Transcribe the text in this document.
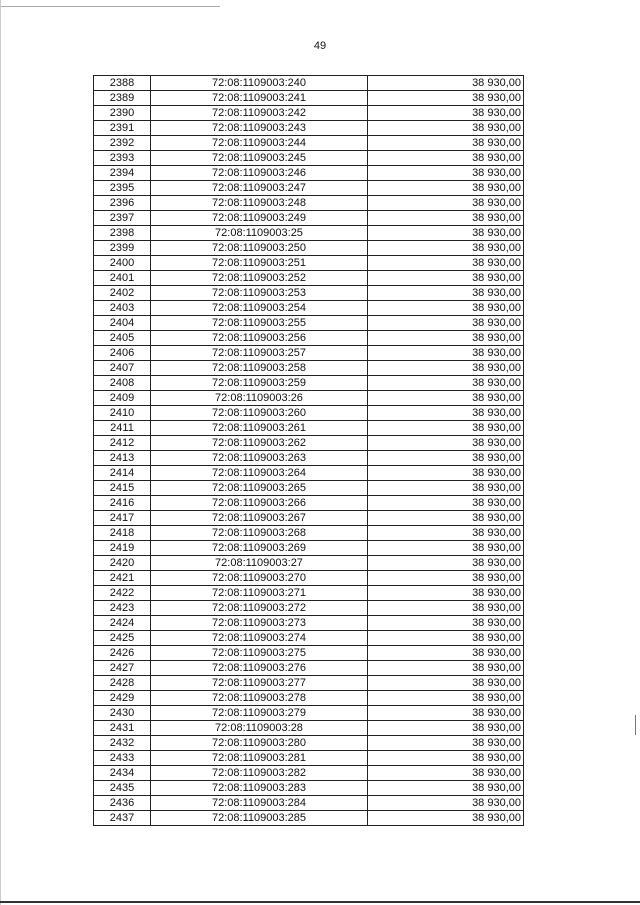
49
2388	72:08:1109003:240	38 930,00
2389	72:08:1109003:241	38 930,00
2390	72:08:1109003:242	38 930,00
2391	72:08:1109003:243	38 930,00
2392	72:08:1109003:244	38 930,00
2393	72:08:1109003:245	38 930,00
2394	72:08:1109003:246	38 930,00
2395	72:08:1109003:247	38 930,00
2396	72:08:1109003:248	38 930,00
2397	72:08:1109003:249	38 930,00
2398	72:08:1109003:25	38 930,00
2399	72:08:1109003:250	38 930,00
2400	72:08:1109003:251	38 930,00
2401	72:08:1109003:252	38 930,00
2402	72:08:1109003:253	38 930,00
2403	72:08:1109003:254	38 930,00
2404	72:08:1109003:255	38 930,00
2405	72:08:1109003:256	38 930,00
2406	72:08:1109003:257	38 930,00
2407	72:08:1109003:258	38 930,00
2408	72:08:1109003:259	38 930,00
2409	72:08:1109003:26	38 930,00
2410	72:08:1109003:260	38 930,00
2411	72:08:1109003:261	38 930,00
2412	72:08:1109003:262	38 930,00
2413	72:08:1109003:263	38 930,00
2414	72:08:1109003:264	38 930,00
2415	72:08:1109003:265	38 930,00
2416	72:08:1109003:266	38 930,00
2417	72:08:1109003:267	38 930,00
2418	72:08:1109003:268	38 930,00
2419	72:08:1109003:269	38 930,00
2420	72:08:1109003:27	38 930,00
2421	72:08:1109003:270	38 930,00
2422	72:08:1109003:271	38 930,00
2423	72:08:1109003:272	38 930,00
2424	72:08:1109003:273	38 930,00
2425	72:08:1109003:274	38 930,00
2426	72:08:1109003:275	38 930,00
2427	72:08:1109003:276	38 930,00
2428	72:08:1109003:277	38 930,00
2429	72:08:1109003:278	38 930,00
2430	72:08:1109003:279	38 930,00
2431	72:08:1109003:28	38 930,00
2432	72:08:1109003:280	38 930,00
2433	72:08:1109003:281	38 930,00
2434	72:08:1109003:282	38 930,00
2435	72:08:1109003:283	38 930,00
2436	72:08:1109003:284	38 930,00
2437	72:08:1109003:285	38 930,00
